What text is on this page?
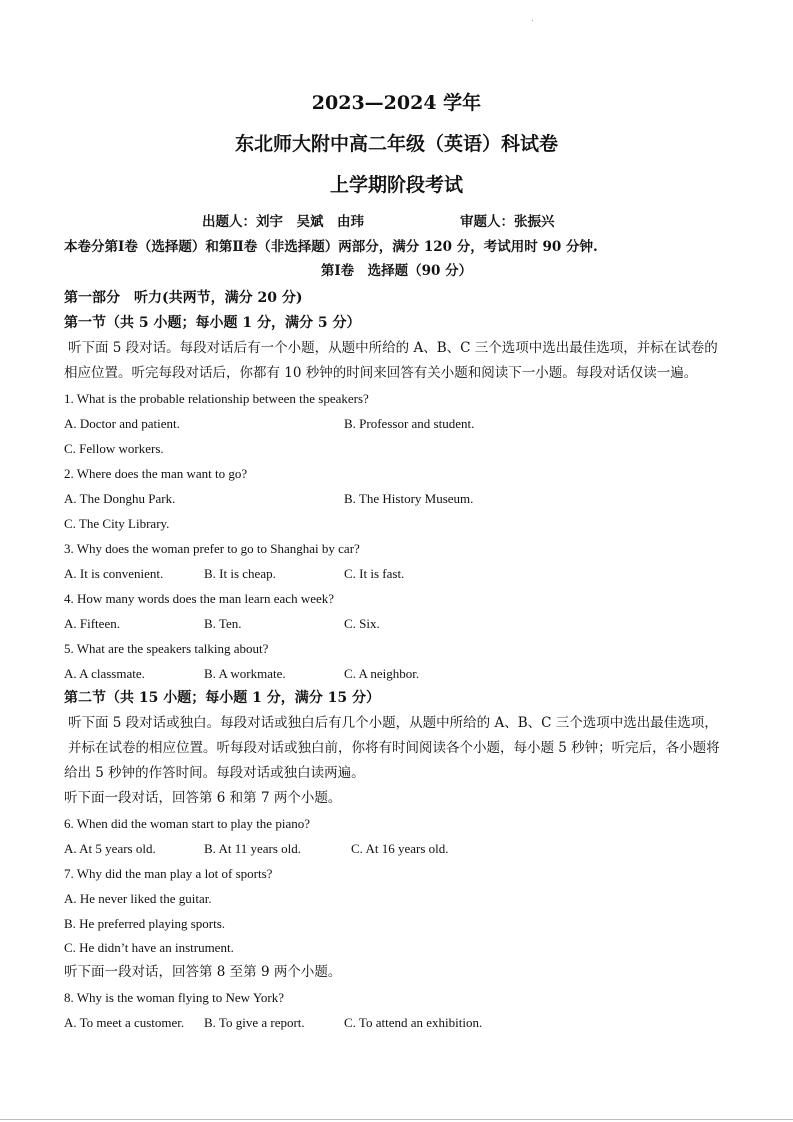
2023—2024 学年
东北师大附中高二年级（英语）科试卷
上学期阶段考试
出题人：刘宇　吴斌　由玮	审题人：张振兴
本卷分第Ⅰ卷（选择题）和第Ⅱ卷（非选择题）两部分，满分 120 分，考试用时 90 分钟.
第Ⅰ卷　选择题（90 分）
第一部分　听力(共两节，满分 20 分)
第一节（共 5 小题；每小题 1 分，满分 5 分）
听下面 5 段对话。每段对话后有一个小题，从题中所给的 A、B、C 三个选项中选出最佳选项，并标在试卷的
相应位置。听完每段对话后，你都有 10 秒钟的时间来回答有关小题和阅读下一小题。每段对话仅读一遍。
1. What is the probable relationship between the speakers?
A. Doctor and patient.	B. Professor and student.
C. Fellow workers.
2. Where does the man want to go?
A. The Donghu Park.	B. The History Museum.
C. The City Library.
3. Why does the woman prefer to go to Shanghai by car?
A. It is convenient.	B. It is cheap.	C. It is fast.
4. How many words does the man learn each week?
A. Fifteen.	B. Ten.	C. Six.
5. What are the speakers talking about?
A. A classmate.	B. A workmate.	C. A neighbor.
第二节（共 15 小题；每小题 1 分，满分 15 分）
听下面 5 段对话或独白。每段对话或独白后有几个小题，从题中所给的 A、B、C 三个选项中选出最佳选项，
并标在试卷的相应位置。听每段对话或独白前，你将有时间阅读各个小题，每小题 5 秒钟；听完后，各小题将
给出 5 秒钟的作答时间。每段对话或独白读两遍。
听下面一段对话，回答第 6 和第 7 两个小题。
6. When did the woman start to play the piano?
A. At 5 years old.	B. At 11 years old.	C. At 16 years old.
7. Why did the man play a lot of sports?
A. He never liked the guitar.
B. He preferred playing sports.
C. He didn’t have an instrument.
听下面一段对话，回答第 8 至第 9 两个小题。
8. Why is the woman flying to New York?
A. To meet a customer. B. To give a report.	C. To attend an exhibition.
